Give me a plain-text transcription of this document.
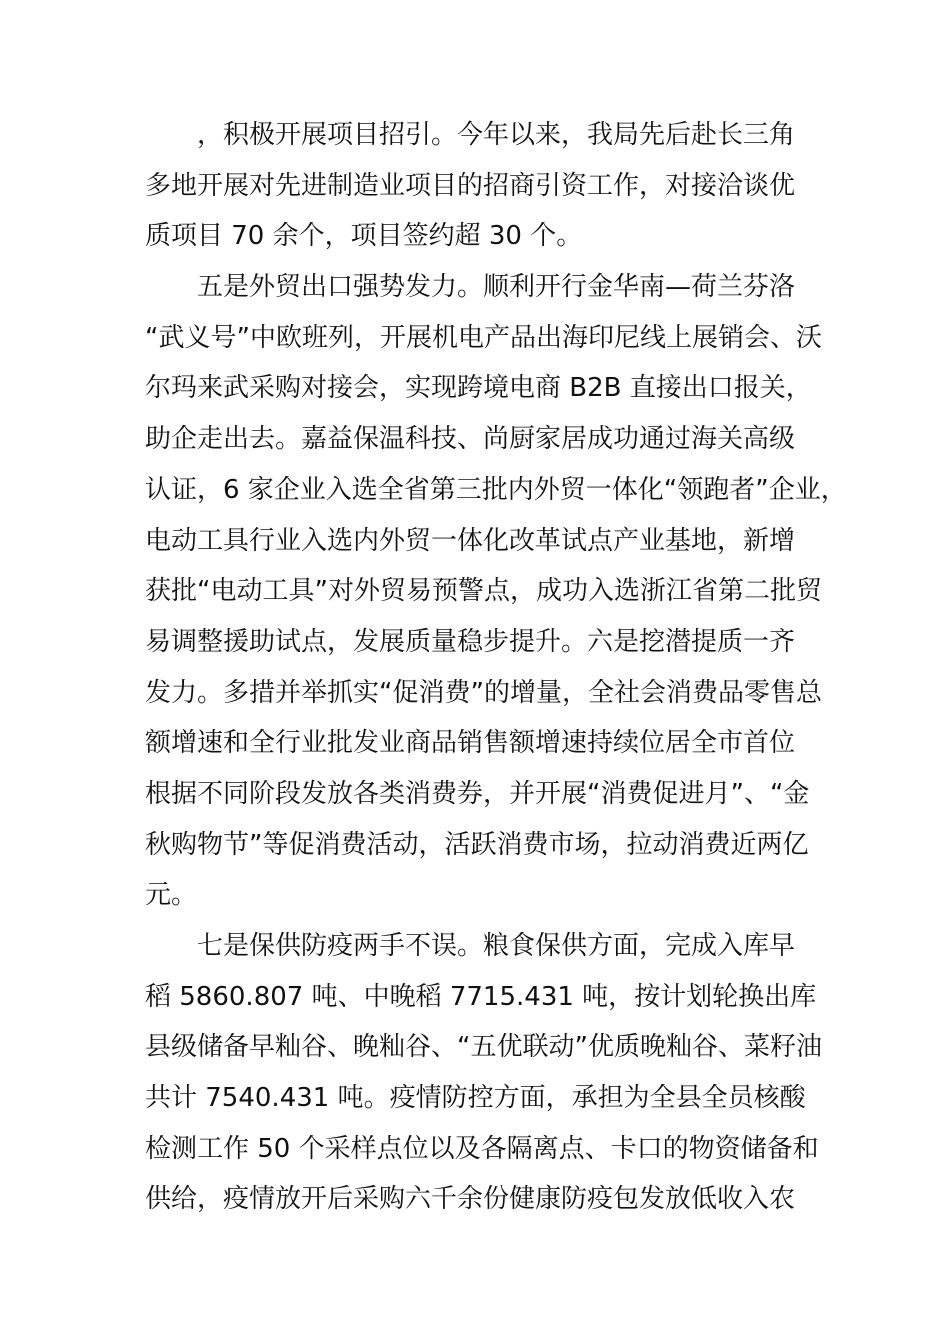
　　，积极开展项目招引。今年以来，我局先后赴长三角
多地开展对先进制造业项目的招商引资工作，对接洽谈优
质项目 70 余个，项目签约超 30 个。
　　五是外贸出口强势发力。顺利开行金华南—荷兰芬洛
“武义号”中欧班列，开展机电产品出海印尼线上展销会、沃
尔玛来武采购对接会，实现跨境电商 B2B 直接出口报关，
助企走出去。嘉益保温科技、尚厨家居成功通过海关高级
认证，6 家企业入选全省第三批内外贸一体化“领跑者”企业，
电动工具行业入选内外贸一体化改革试点产业基地，新增
获批“电动工具”对外贸易预警点，成功入选浙江省第二批贸
易调整援助试点，发展质量稳步提升。六是挖潜提质一齐
发力。多措并举抓实“促消费”的增量，全社会消费品零售总
额增速和全行业批发业商品销售额增速持续位居全市首位
根据不同阶段发放各类消费券，并开展“消费促进月”、“金
秋购物节”等促消费活动，活跃消费市场，拉动消费近两亿
元。
　　七是保供防疫两手不误。粮食保供方面，完成入库早
稻 5860.807 吨、中晚稻 7715.431 吨，按计划轮换出库
县级储备早籼谷、晚籼谷、“五优联动”优质晚籼谷、菜籽油
共计 7540.431 吨。疫情防控方面，承担为全县全员核酸
检测工作 50 个采样点位以及各隔离点、卡口的物资储备和
供给，疫情放开后采购六千余份健康防疫包发放低收入农
